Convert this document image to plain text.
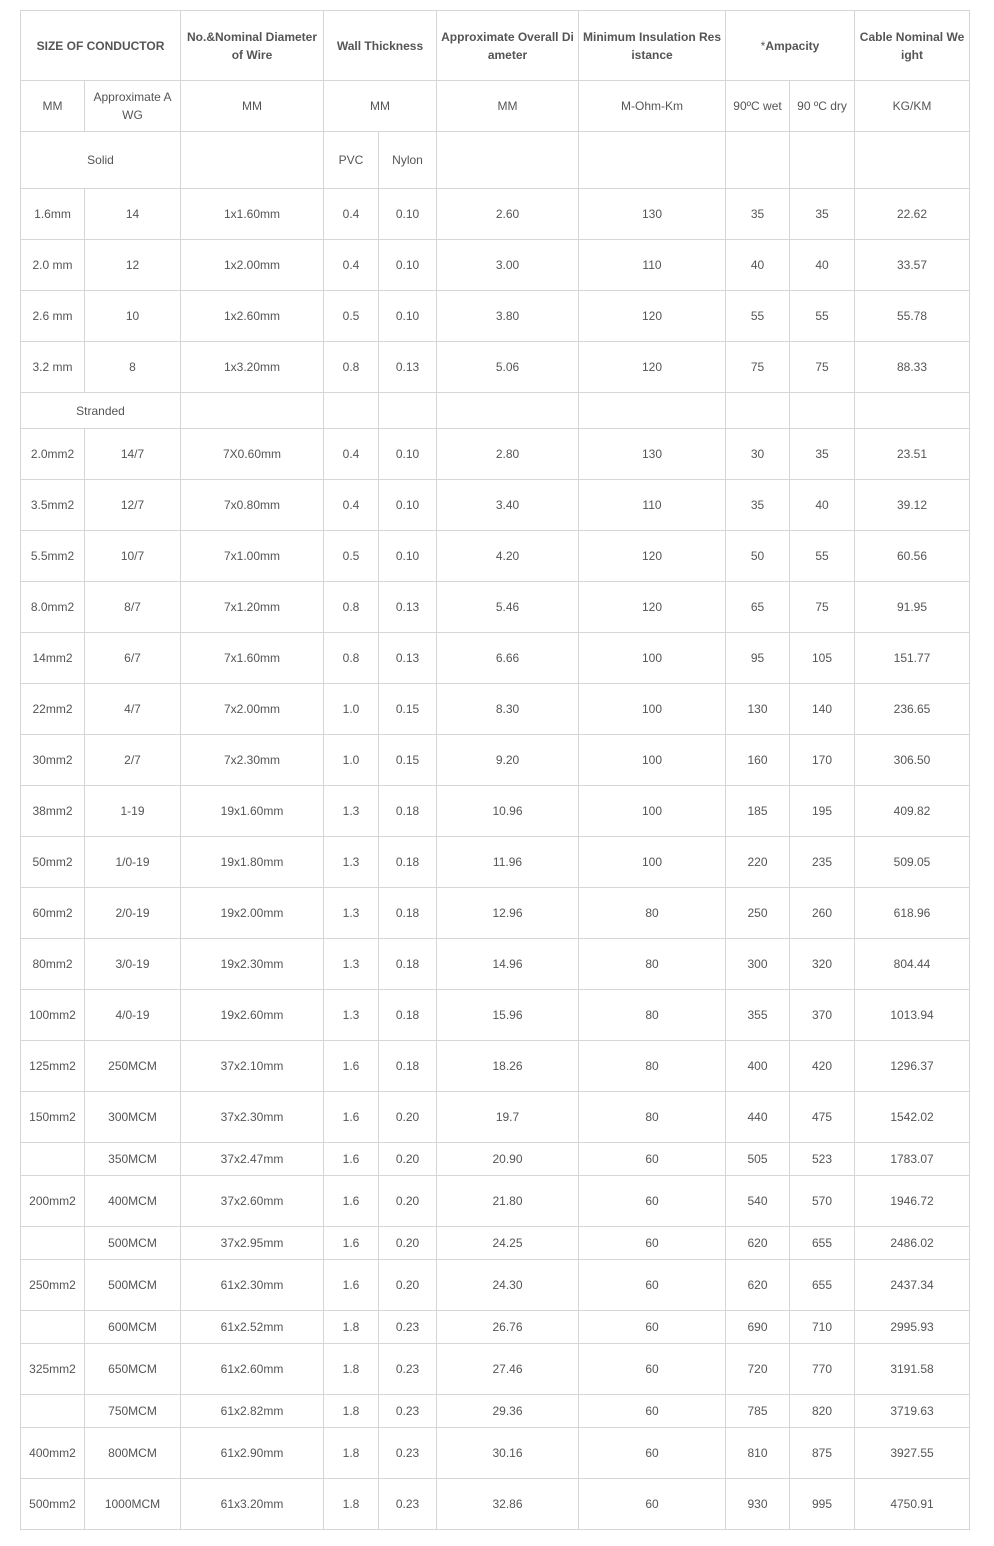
SIZE OF CONDUCTOR		No.&Nominal Diameter of Wire	Wall Thickness		Approximate Overall Diameter	Minimum Insulation Resistance	*Ampacity		Cable Nominal Weight
MM	Approximate AWG	MM	MM		MM	M-Ohm-Km	90ºC wet	90 ºC dry	KG/KM
Solid			PVC	Nylon					
1.6mm	14	1x1.60mm	0.4	0.10	2.60	130	35	35	22.62
2.0 mm	12	1x2.00mm	0.4	0.10	3.00	110	40	40	33.57
2.6 mm	10	1x2.60mm	0.5	0.10	3.80	120	55	55	55.78
3.2 mm	8	1x3.20mm	0.8	0.13	5.06	120	75	75	88.33
Stranded									
2.0mm2	14/7	7X0.60mm	0.4	0.10	2.80	130	30	35	23.51
3.5mm2	12/7	7x0.80mm	0.4	0.10	3.40	110	35	40	39.12
5.5mm2	10/7	7x1.00mm	0.5	0.10	4.20	120	50	55	60.56
8.0mm2	8/7	7x1.20mm	0.8	0.13	5.46	120	65	75	91.95
14mm2	6/7	7x1.60mm	0.8	0.13	6.66	100	95	105	151.77
22mm2	4/7	7x2.00mm	1.0	0.15	8.30	100	130	140	236.65
30mm2	2/7	7x2.30mm	1.0	0.15	9.20	100	160	170	306.50
38mm2	1-19	19x1.60mm	1.3	0.18	10.96	100	185	195	409.82
50mm2	1/0-19	19x1.80mm	1.3	0.18	11.96	100	220	235	509.05
60mm2	2/0-19	19x2.00mm	1.3	0.18	12.96	80	250	260	618.96
80mm2	3/0-19	19x2.30mm	1.3	0.18	14.96	80	300	320	804.44
100mm2	4/0-19	19x2.60mm	1.3	0.18	15.96	80	355	370	1013.94
125mm2	250MCM	37x2.10mm	1.6	0.18	18.26	80	400	420	1296.37
150mm2	300MCM	37x2.30mm	1.6	0.20	19.7	80	440	475	1542.02
	350MCM	37x2.47mm	1.6	0.20	20.90	60	505	523	1783.07
200mm2	400MCM	37x2.60mm	1.6	0.20	21.80	60	540	570	1946.72
	500MCM	37x2.95mm	1.6	0.20	24.25	60	620	655	2486.02
250mm2	500MCM	61x2.30mm	1.6	0.20	24.30	60	620	655	2437.34
	600MCM	61x2.52mm	1.8	0.23	26.76	60	690	710	2995.93
325mm2	650MCM	61x2.60mm	1.8	0.23	27.46	60	720	770	3191.58
	750MCM	61x2.82mm	1.8	0.23	29.36	60	785	820	3719.63
400mm2	800MCM	61x2.90mm	1.8	0.23	30.16	60	810	875	3927.55
500mm2	1000MCM	61x3.20mm	1.8	0.23	32.86	60	930	995	4750.91
